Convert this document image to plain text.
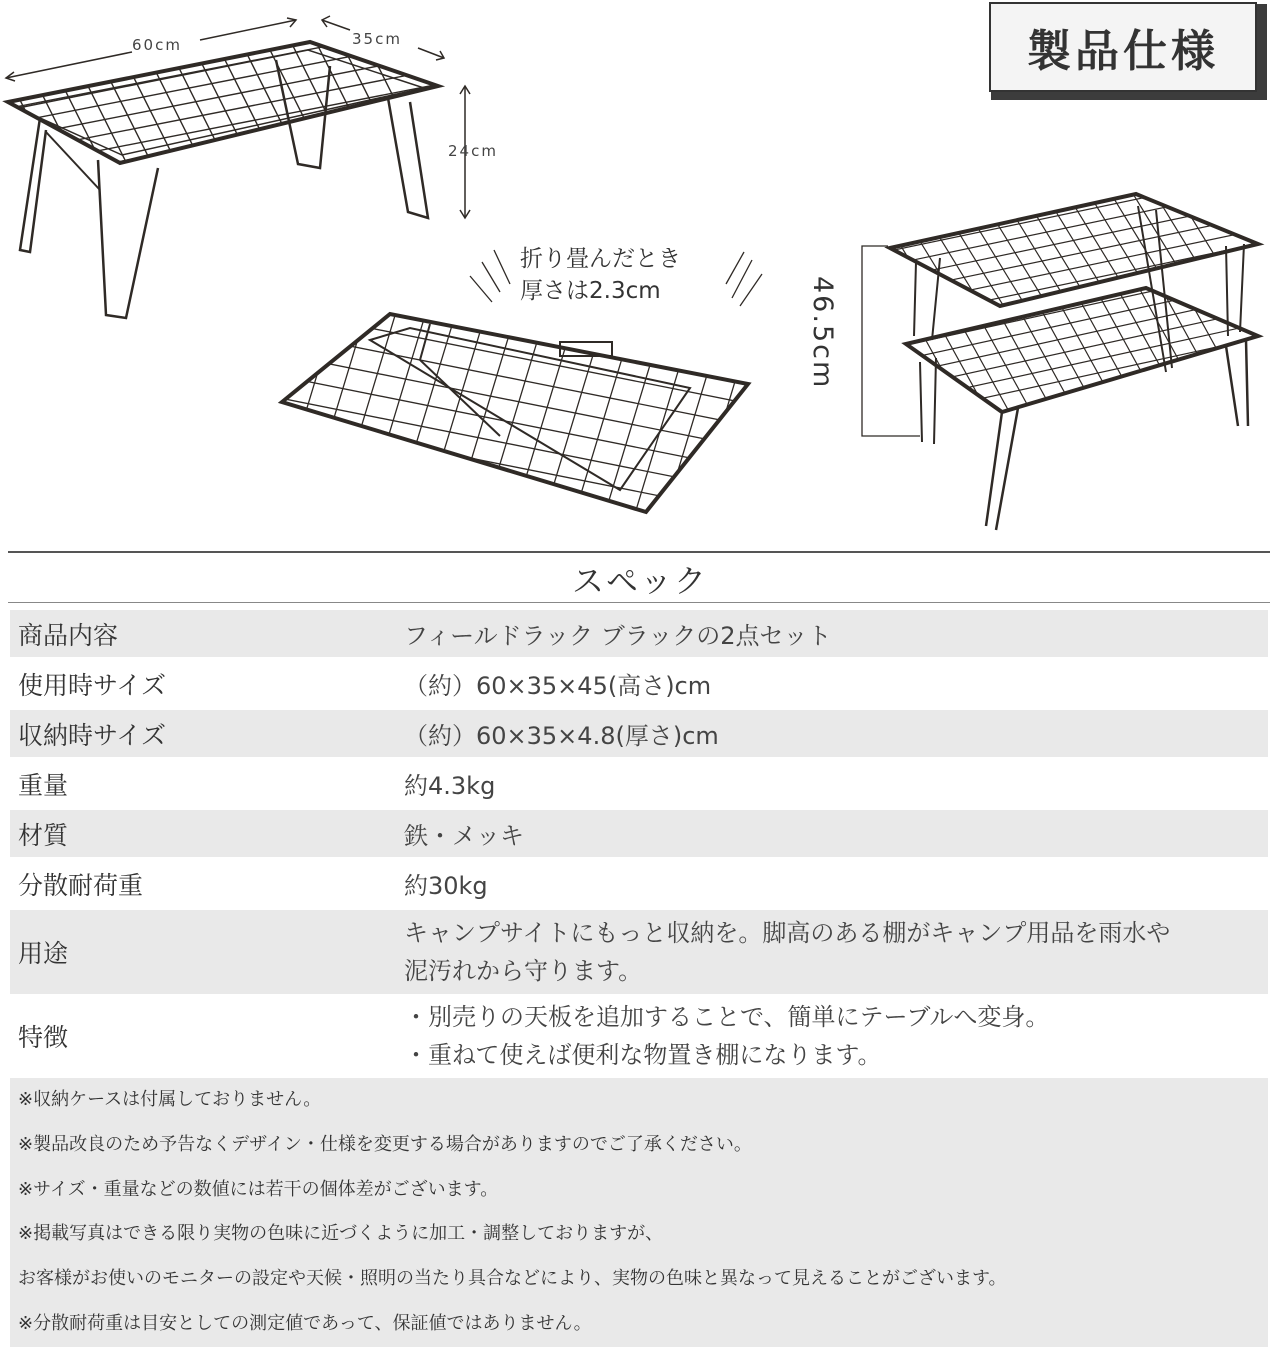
製品仕様
60cm	35cm
24cm
折り畳んだとき
厚さは2.3cm	46.5cm
スペック
商品内容	フィールドラック ブラックの2点セット
使用時サイズ	（約）60×35×45(高さ)cm
収納時サイズ	（約）60×35×4.8(厚さ)cm
重量	約4.3kg
材質	鉄・メッキ
分散耐荷重	約30kg
用途	キャンプサイトにもっと収納を。脚高のある棚がキャンプ用品を雨水や
泥汚れから守ります。

特徴	・別売りの天板を追加することで、簡単にテーブルへ変身。
・重ねて使えば便利な物置き棚になります。
※収納ケースは付属しておりません。
※製品改良のため予告なくデザイン・仕様を変更する場合がありますのでご了承ください。
※サイズ・重量などの数値には若干の個体差がございます。
※掲載写真はできる限り実物の色味に近づくように加工・調整しておりますが、
お客様がお使いのモニターの設定や天候・照明の当たり具合などにより、実物の色味と異なって見えることがございます。
※分散耐荷重は目安としての測定値であって、保証値ではありません。
